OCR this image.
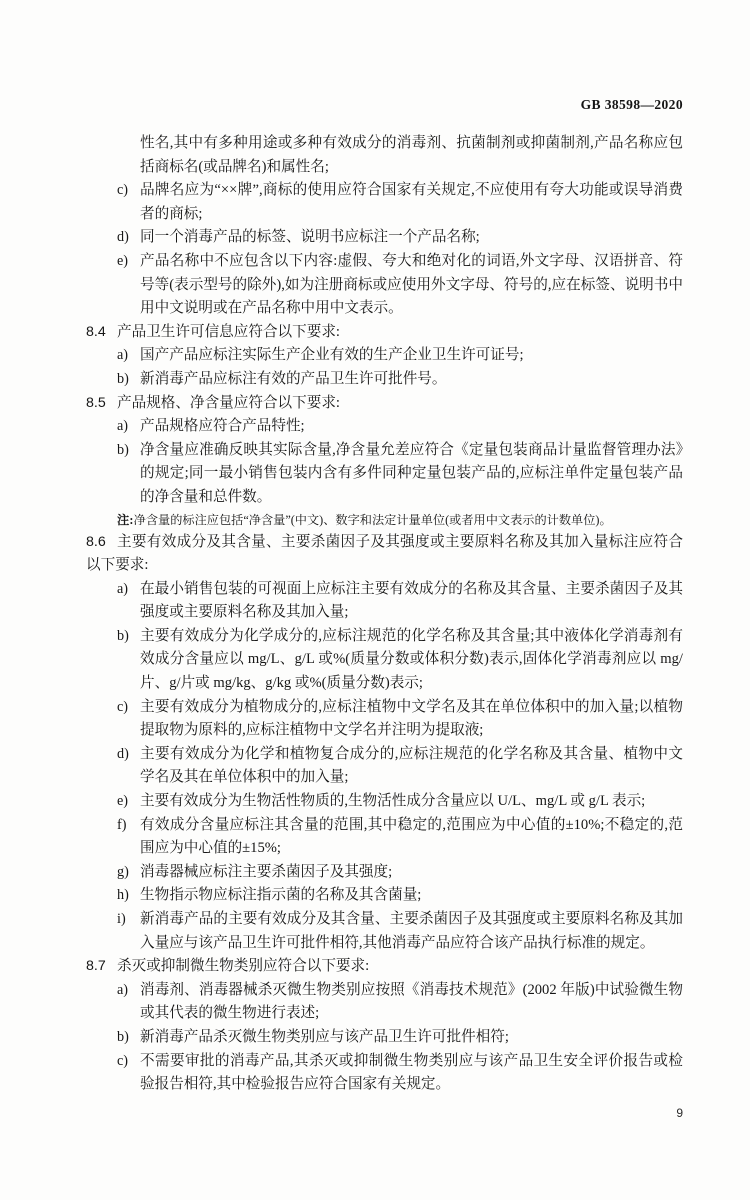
GB 38598—2020
性名,其中有多种用途或多种有效成分的消毒剂、抗菌制剂或抑菌制剂,产品名称应包括商标名(或品牌名)和属性名;
c) 品牌名应为“××牌”,商标的使用应符合国家有关规定,不应使用有夸大功能或误导消费者的商标;
d) 同一个消毒产品的标签、说明书应标注一个产品名称;
e) 产品名称中不应包含以下内容:虚假、夸大和绝对化的词语,外文字母、汉语拼音、符号等(表示型号的除外),如为注册商标或应使用外文字母、符号的,应在标签、说明书中用中文说明或在产品名称中用中文表示。
8.4 产品卫生许可信息应符合以下要求:
a) 国产产品应标注实际生产企业有效的生产企业卫生许可证号;
b) 新消毒产品应标注有效的产品卫生许可批件号。
8.5 产品规格、净含量应符合以下要求:
a) 产品规格应符合产品特性;
b) 净含量应准确反映其实际含量,净含量允差应符合《定量包装商品计量监督管理办法》的规定;同一最小销售包装内含有多件同种定量包装产品的,应标注单件定量包装产品的净含量和总件数。
注:净含量的标注应包括“净含量”(中文)、数字和法定计量单位(或者用中文表示的计数单位)。
8.6 主要有效成分及其含量、主要杀菌因子及其强度或主要原料名称及其加入量标注应符合以下要求:
a) 在最小销售包装的可视面上应标注主要有效成分的名称及其含量、主要杀菌因子及其强度或主要原料名称及其加入量;
b) 主要有效成分为化学成分的,应标注规范的化学名称及其含量;其中液体化学消毒剂有效成分含量应以 mg/L、g/L 或%(质量分数或体积分数)表示,固体化学消毒剂应以 mg/片、g/片或 mg/kg、g/kg 或%(质量分数)表示;
c) 主要有效成分为植物成分的,应标注植物中文学名及其在单位体积中的加入量;以植物提取物为原料的,应标注植物中文学名并注明为提取液;
d) 主要有效成分为化学和植物复合成分的,应标注规范的化学名称及其含量、植物中文学名及其在单位体积中的加入量;
e) 主要有效成分为生物活性物质的,生物活性成分含量应以 U/L、mg/L 或 g/L 表示;
f) 有效成分含量应标注其含量的范围,其中稳定的,范围应为中心值的±10%;不稳定的,范围应为中心值的±15%;
g) 消毒器械应标注主要杀菌因子及其强度;
h) 生物指示物应标注指示菌的名称及其含菌量;
i) 新消毒产品的主要有效成分及其含量、主要杀菌因子及其强度或主要原料名称及其加入量应与该产品卫生许可批件相符,其他消毒产品应符合该产品执行标准的规定。
8.7 杀灭或抑制微生物类别应符合以下要求:
a) 消毒剂、消毒器械杀灭微生物类别应按照《消毒技术规范》(2002 年版)中试验微生物或其代表的微生物进行表述;
b) 新消毒产品杀灭微生物类别应与该产品卫生许可批件相符;
c) 不需要审批的消毒产品,其杀灭或抑制微生物类别应与该产品卫生安全评价报告或检验报告相符,其中检验报告应符合国家有关规定。
9
